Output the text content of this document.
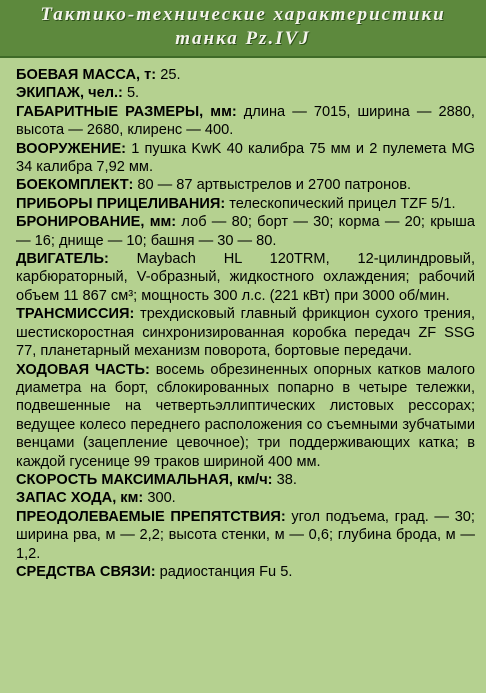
Тактико-технические характеристики
танка Pz.IVJ
БОЕВАЯ МАССА, т: 25.
ЭКИПАЖ, чел.: 5.
ГАБАРИТНЫЕ РАЗМЕРЫ, мм: длина — 7015, ширина — 2880, высота — 2680, клиренс — 400.
ВООРУЖЕНИЕ: 1 пушка KwK 40 калибра 75 мм и 2 пулемета MG 34 калибра 7,92 мм.
БОЕКОМПЛЕКТ: 80 — 87 артвыстрелов и 2700 патронов.
ПРИБОРЫ ПРИЦЕЛИВАНИЯ: телескопический прицел TZF 5/1.
БРОНИРОВАНИЕ, мм: лоб — 80; борт — 30; корма — 20; крыша — 16; днище — 10; башня — 30 — 80.
ДВИГАТЕЛЬ: Maybach HL 120TRM, 12-цилиндровый, карбюраторный, V-образный, жидкостного охлаждения; рабочий объем 11 867 см³; мощность 300 л.с. (221 кВт) при 3000 об/мин.
ТРАНСМИССИЯ: трехдисковый главный фрикцион сухого трения, шестискоростная синхронизированная коробка передач ZF SSG 77, планетарный механизм поворота, бортовые передачи.
ХОДОВАЯ ЧАСТЬ: восемь обрезиненных опорных катков малого диаметра на борт, сблокированных попарно в четыре тележки, подвешенные на четвертьэллиптических листовых рессорах; ведущее колесо переднего расположения со съемными зубчатыми венцами (зацепление цевочное); три поддерживающих катка; в каждой гусенице 99 траков шириной 400 мм.
СКОРОСТЬ МАКСИМАЛЬНАЯ, км/ч: 38.
ЗАПАС ХОДА, км: 300.
ПРЕОДОЛЕВАЕМЫЕ ПРЕПЯТСТВИЯ: угол подъема, град. — 30; ширина рва, м — 2,2; высота стенки, м — 0,6; глубина брода, м — 1,2.
СРЕДСТВА СВЯЗИ: радиостанция Fu 5.
